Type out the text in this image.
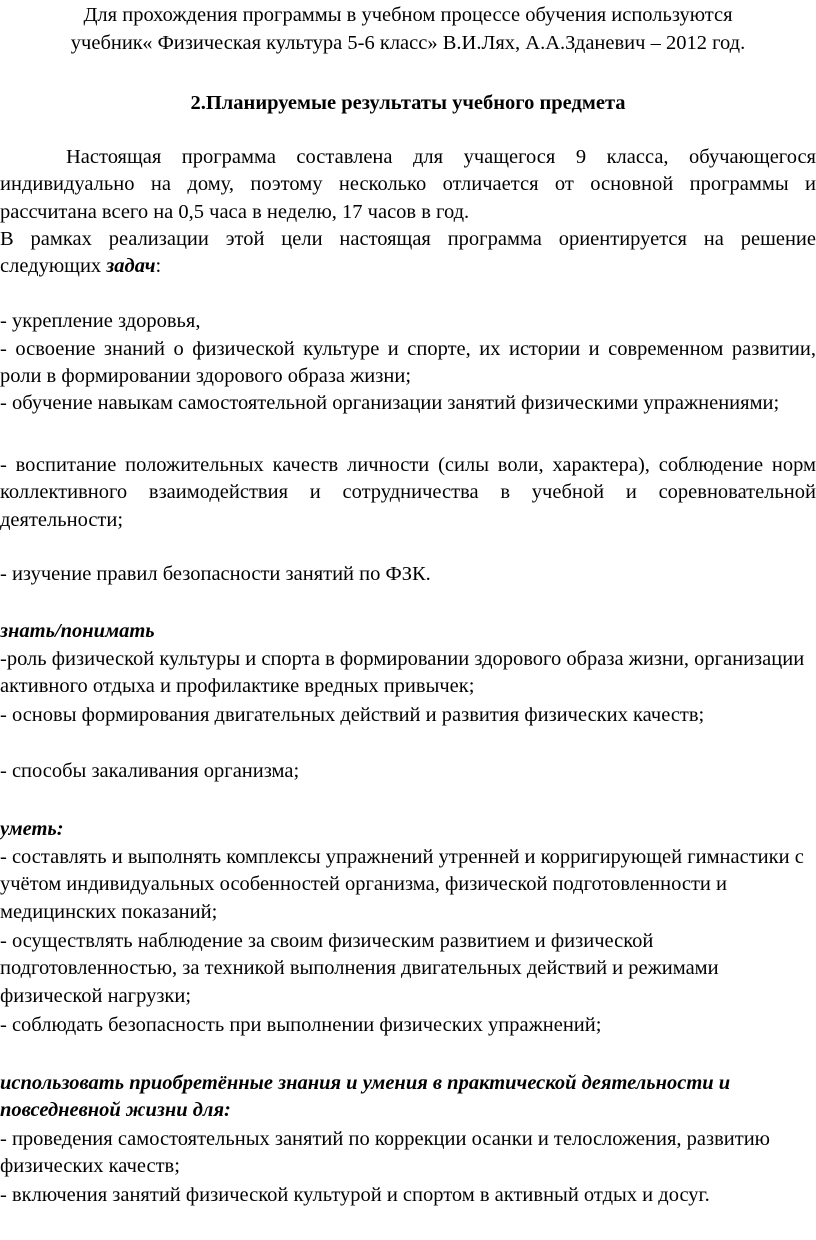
Для прохождения программы в учебном процессе обучения используются

учебник« Физическая культура 5-6 класс» В.И.Лях, А.А.Зданевич – 2012 год.

2.Планируемые результаты учебного предмета

Настоящая программа составлена для учащегося 9 класса, обучающегося индивидуально на дому, поэтому несколько отличается от основной программы и рассчитана всего на 0,5 часа в неделю, 17 часов в год.

В рамках реализации этой цели настоящая программа ориентируется на решение следующих задач:

- укрепление здоровья,

- освоение знаний о физической культуре и спорте, их истории и современном развитии, роли в формировании здорового образа жизни;

- обучение навыкам самостоятельной организации занятий физическими упражнениями;

- воспитание положительных качеств личности (силы воли, характера), соблюдение норм коллективного взаимодействия и сотрудничества в учебной и соревновательной деятельности;

- изучение правил безопасности занятий по ФЗК.

знать/понимать

-роль физической культуры и спорта в формировании здорового образа жизни, организации активного отдыха и профилактике вредных привычек;

- основы формирования двигательных действий и развития физических качеств;

- способы закаливания организма;

уметь:

- составлять и выполнять комплексы упражнений утренней и корригирующей гимнастики с учётом индивидуальных особенностей организма, физической подготовленности и медицинских показаний;

- осуществлять наблюдение за своим физическим развитием и физической подготовленностью, за техникой выполнения двигательных действий и режимами физической нагрузки;

- соблюдать безопасность при выполнении физических упражнений;

использовать приобретённые знания и умения в практической деятельности и повседневной жизни для:

- проведения самостоятельных занятий по коррекции осанки и телосложения, развитию физических качеств;

- включения занятий физической культурой и спортом в активный отдых и досуг.
